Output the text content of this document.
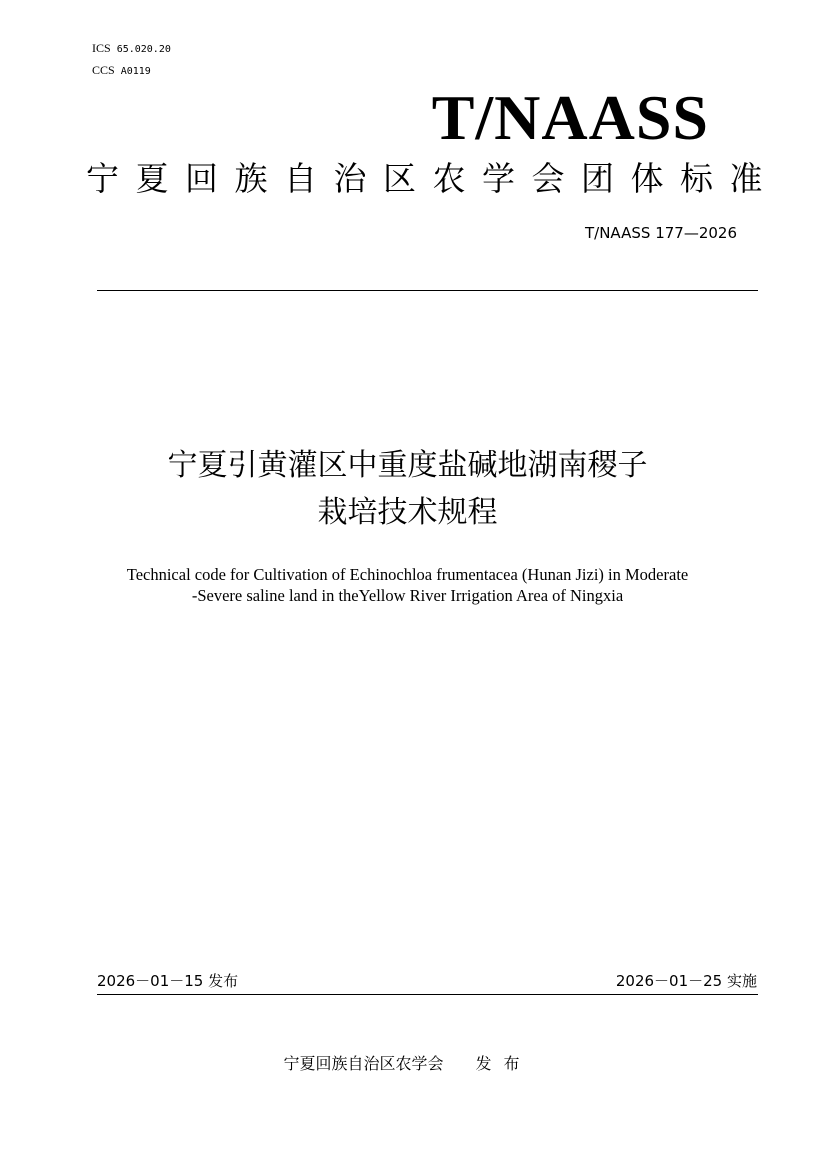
ICS 65.020.20
CCS A0119
T/NAASS
宁夏回族自治区农学会团体标准
T/NAASS 177—2026
宁夏引黄灌区中重度盐碱地湖南稷子
栽培技术规程
Technical code for Cultivation of Echinochloa frumentacea (Hunan Jizi) in Moderate
-Severe saline land in theYellow River Irrigation Area of Ningxia
2026－01－15 发布	2026－01－25 实施
宁夏回族自治区农学会 发布
